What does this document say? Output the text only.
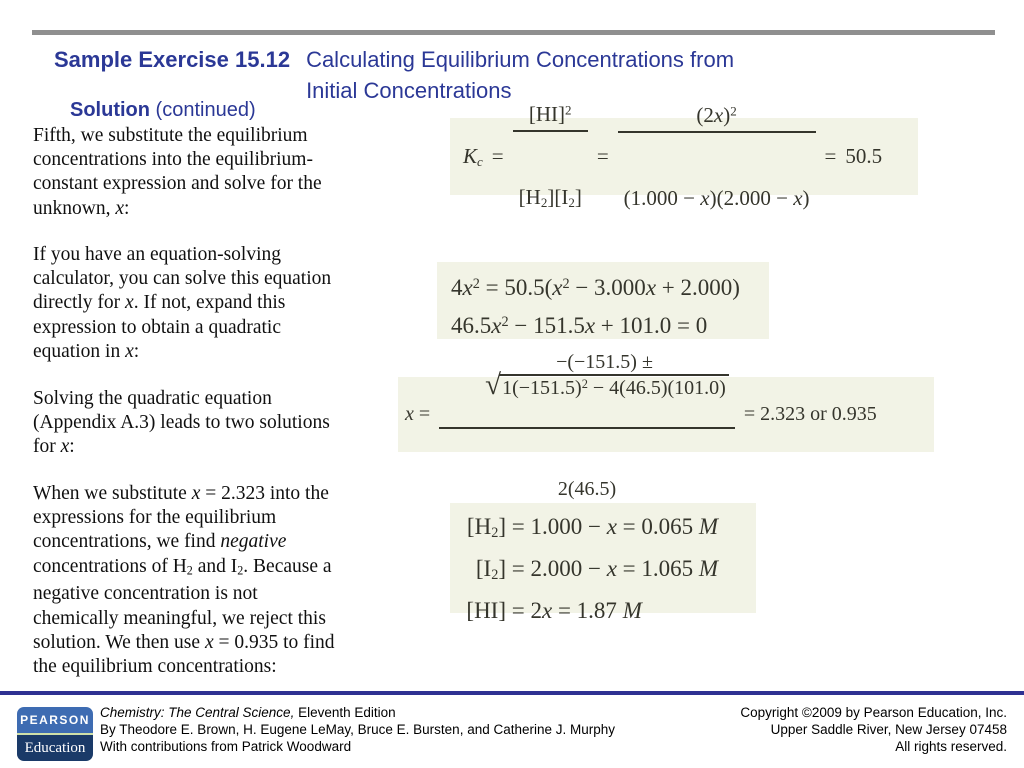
Sample Exercise 15.12 Calculating Equilibrium Concentrations from
Initial Concentrations
Solution (continued)
Fifth, we substitute the equilibrium
concentrations into the equilibrium-
constant expression and solve for the
unknown, x:
If you have an equation-solving
calculator, you can solve this equation
directly for x. If not, expand this
expression to obtain a quadratic
equation in x:
Solving the quadratic equation
(Appendix A.3) leads to two solutions
for x:
When we substitute x = 2.323 into the
expressions for the equilibrium
concentrations, we find negative
concentrations of H2 and I2. Because a
negative concentration is not
chemically meaningful, we reject this
solution. We then use x = 0.935 to find
the equilibrium concentrations:
Kc =

$\frac{[HI]^2}{[H2][I2]}$

=

$\frac{(2x)^2}{(1.000 - x)(2.000 - x)}$

= 50.5
$4x^2 = 50.5(x^2 - 3.000x + 2.000)$
$46.5x^2 - 151.5x + 101.0 = 0$
x =

−(−151.5) ±

√ $1(-151.5)^2 - 4(46.5)(101.0)$

2(46.5)

= 2.323 or 0.935
[H2] = 1.000 − x = 0.065 M
[I2] = 2.000 − x = 1.065 M
[HI] = 2x = 1.87 M
PEARSON
Education
Chemistry: The Central Science, Eleventh Edition
By Theodore E. Brown, H. Eugene LeMay, Bruce E. Bursten, and Catherine J. Murphy
With contributions from Patrick Woodward
Copyright ©2009 by Pearson Education, Inc.
Upper Saddle River, New Jersey 07458
All rights reserved.
